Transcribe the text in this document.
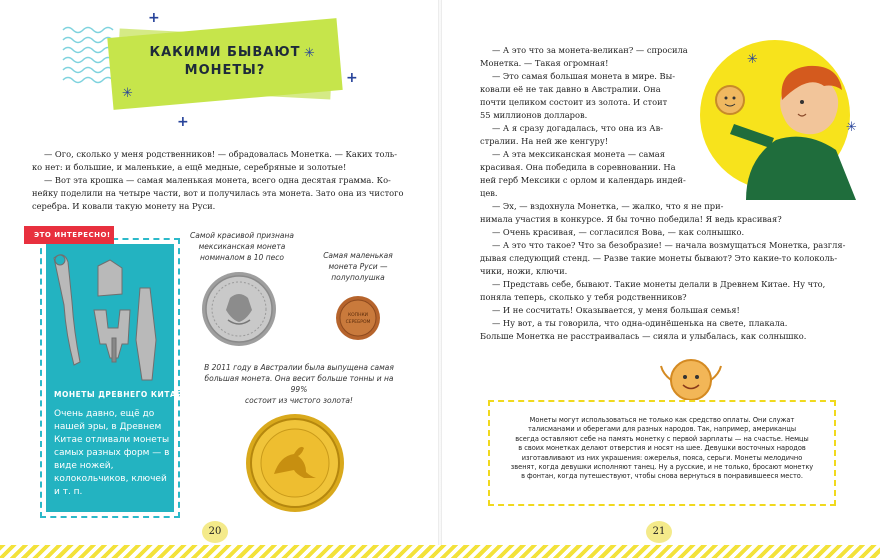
КАКИМИ БЫВАЮТ
МОНЕТЫ?
+
+
+
✳
✳

— Ого, сколько у меня родственников! — обрадовалась Монетка. — Каких толь-

ко нет: и большие, и маленькие, а ещё медные, серебряные и золотые!

— Вот эта крошка — самая маленькая монета, всего одна десятая грамма. Ко-

нейку поделили на четыре части, вот и получилась эта монета. Зато она из чистого

серебра. И ковали такую монету на Руси.

ЭТО ИНТЕРЕСНО!
МОНЕТЫ ДРЕВНЕГО КИТАЯ
Очень давно, ещё до нашей эры, в Древнем Китае отливали монеты самых разных форм — в виде ножей, колокольчиков, ключей и т. п.
Самой красивой признана
мексиканская монета
номиналом в 10 песо	Самая маленькая
монета Руси —
полуполушка
КОПНКИ
СЕРЕБРОМ
В 2011 году в Австралии была выпущена самая
большая монета. Она весит больше тонны и на 99%
состоит из чистого золота!
20

— А это что за монета-великан? — спросила

Монетка. — Такая огромная!

— Это самая большая монета в мире. Вы-

ковали её не так давно в Австралии. Она

почти целиком состоит из золота. И стоит

55 миллионов долларов.

— А я сразу догадалась, что она из Ав-

стралии. На ней же кенгуру!

— А эта мексиканская монета — самая

красивая. Она победила в соревновании. На

ней герб Мексики с орлом и календарь индей-

цев.

— Эх, — вздохнула Монетка, — жалко, что я не при-

нимала участия в конкурсе. Я бы точно победила! Я ведь красивая?

— Очень красивая, — согласился Вова, — как солнышко.

— А это что такое? Что за безобразие! — начала возмущаться Монетка, разгля-

дывая следующий стенд. — Разве такие монеты бывают? Это какие-то колоколь-

чики, ножи, ключи.

— Представь себе, бывают. Такие монеты делали в Древнем Китае. Ну что,

поняла теперь, сколько у тебя родственников?

— И не сосчитать! Оказывается, у меня большая семья!

— Ну вот, а ты говорила, что одна-одинёшенька на свете, плакала.

Больше Монетка не расстраивалась — сияла и улыбалась, как солнышко.

✳
✳
Монеты могут использоваться не только как средство оплаты. Они служат
талисманами и оберегами для разных народов. Так, например, американцы
всегда оставляют себе на память монетку с первой зарплаты — на счастье. Немцы
в своих монетках делают отверстия и носят на шее. Девушки восточных народов
изготавливают из них украшения: ожерелья, пояса, серьги. Монеты мелодично
звенят, когда девушки исполняют танец. Ну а русские, и не только, бросают монетку
в фонтан, когда путешествуют, чтобы снова вернуться в понравившееся место.
21
